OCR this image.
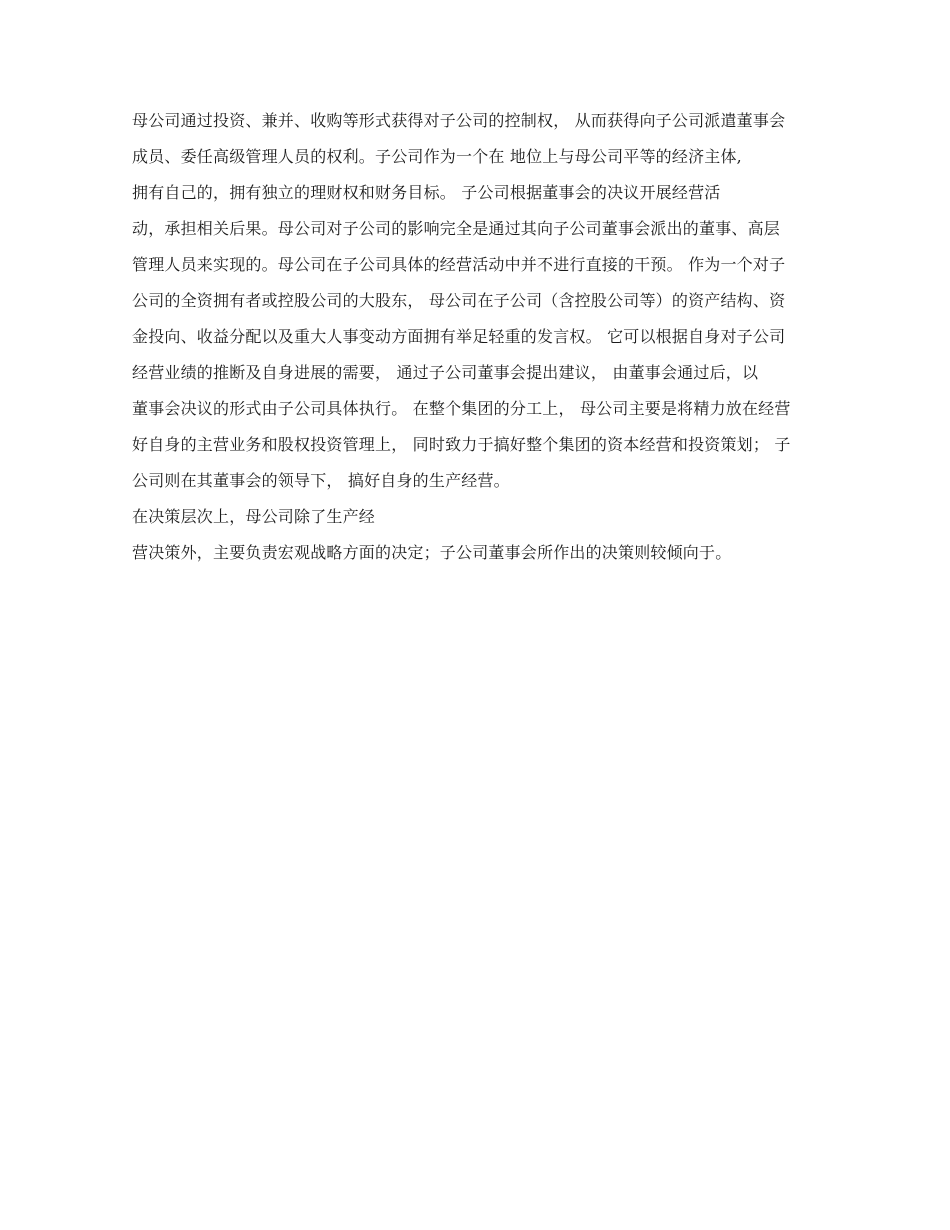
母公司通过投资、兼并、收购等形式获得对子公司的控制权， 从而获得向子公司派遣董事会

成员、委任高级管理人员的权利。子公司作为一个在 地位上与母公司平等的经济主体,

拥有自己的，拥有独立的理财权和财务目标。 子公司根据董事会的决议开展经营活

动，承担相关后果。母公司对子公司的影响完全是通过其向子公司董事会派出的董事、高层

管理人员来实现的。母公司在子公司具体的经营活动中并不进行直接的干预。 作为一个对子

公司的全资拥有者或控股公司的大股东， 母公司在子公司（含控股公司等）的资产结构、资

金投向、收益分配以及重大人事变动方面拥有举足轻重的发言权。 它可以根据自身对子公司

经营业绩的推断及自身进展的需要， 通过子公司董事会提出建议， 由董事会通过后，以

董事会决议的形式由子公司具体执行。 在整个集团的分工上， 母公司主要是将精力放在经营

好自身的主营业务和股权投资管理上， 同时致力于搞好整个集团的资本经营和投资策划； 子

公司则在其董事会的领导下， 搞好自身的生产经营。

在决策层次上，母公司除了生产经

营决策外，主要负责宏观战略方面的决定；子公司董事会所作出的决策则较倾向于。
